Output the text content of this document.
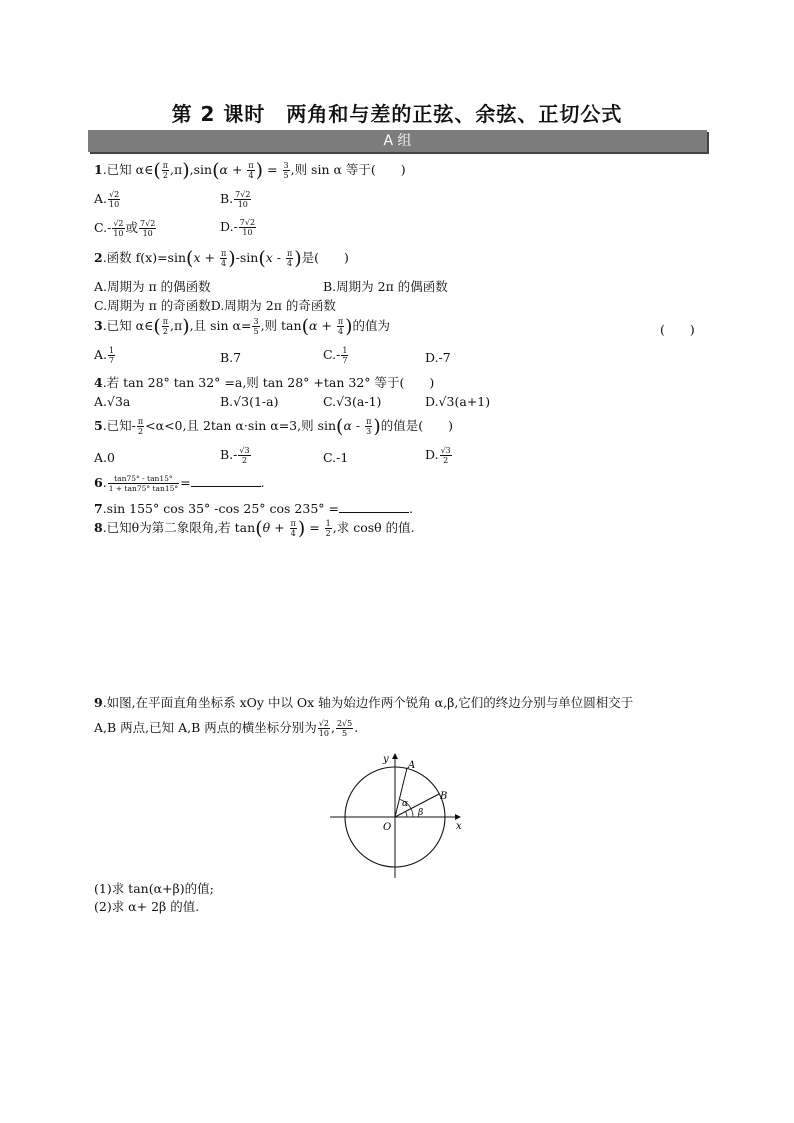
第 2 课时　两角和与差的正弦、余弦、正切公式
A 组
1.已知 α∈( $\frac{\pi}{2} ,\pi),\sin(\alpha + \frac{\pi}{4}$ ) = $\frac{3}{5}$ ,则 sin α 等于(　　)
A. $\frac{√2}{10}$	B. $\frac{7√2}{10}$
$C.- \frac{√2}{10}$ 或 $\frac{7√2}{10}$	$D.- \frac{7√2}{10}$
2.函数 $f(x)=\sin(x + \frac{\pi}{4} )-\sin(x - \frac{\pi}{4}$ )是(　　)
A.周期为 π 的偶函数	B.周期为 2π 的偶函数
C.周期为 π 的奇函数D.周期为 2π 的奇函数
3.已知 α∈( $\frac{\pi}{2} ,\pi$),且 $\sin \alpha= \frac{3}{5}$ ,则 $\tan(\alpha + \frac{\pi}{4}$ )的值为	(　　)
A. $\frac{1}{7}$	B.7	$C.- \frac{1}{7}$	D.-7
4.若 tan 28° tan 32° =a,则 tan 28° +tan 32° 等于(　　)
A.√3a	B.√3(1-a)	C.√3(a-1)	D.√3(a+1)
5.已知- $\frac{\pi}{2} <\alpha<0$,且 2tan α·sin α=3,则 $\sin(\alpha - \frac{\pi}{3}$ )的值是(　　)
A.0	$B.- \frac{√3}{2}$	C.-1	D. $\frac{√3}{2}$
6. $\frac{\tan 75^\circ - \tan 15^\circ}{1 + \tan 75^\circ \tan 15^\circ}$ =	.
7.sin 155° cos 35° -cos 25° cos 235° =	.
8.已知θ为第二象限角,若 $\tan(\theta + \frac{\pi}{4}$ ) = $\frac{1}{2}$ ,求 cosθ 的值.
9.如图,在平面直角坐标系 xOy 中以 Ox 轴为始边作两个锐角 α,β,它们的终边分别与单位圆相交于
A,B 两点,已知 A,B 两点的横坐标分别为 $\frac{√2}{10}$ , $\frac{2√5}{5}$ .
y
x
O
A
B
α
β
(1)求 tan(α+β)的值;
(2)求 α+ 2β 的值.
